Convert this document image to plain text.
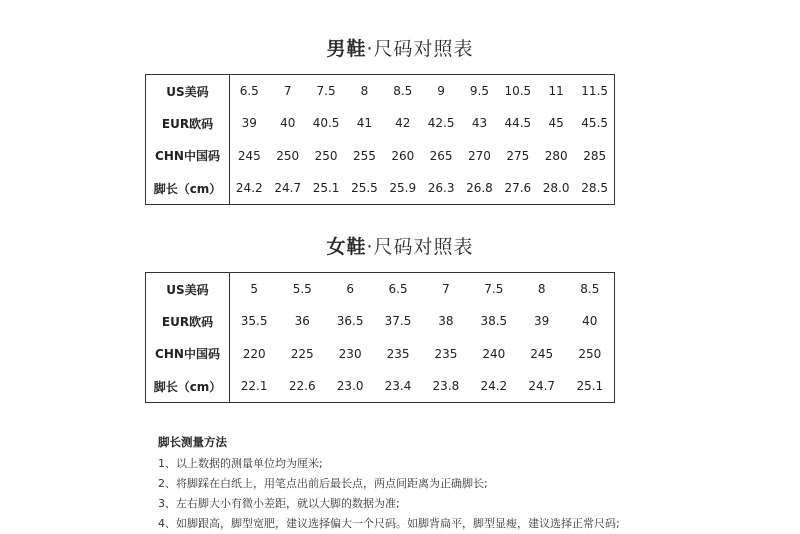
男鞋·尺码对照表
US美码	6.5	7	7.5	8	8.5	9	9.5	10.5	11	11.5
EUR欧码	39	40	40.5	41	42	42.5	43	44.5	45	45.5
CHN中国码	245	250	250	255	260	265	270	275	280	285
脚长（cm）	24.2	24.7	25.1	25.5	25.9	26.3	26.8	27.6	28.0	28.5
女鞋·尺码对照表
US美码	5	5.5	6	6.5	7	7.5	8	8.5
EUR欧码	35.5	36	36.5	37.5	38	38.5	39	40
CHN中国码	220	225	230	235	235	240	245	250
脚长（cm）	22.1	22.6	23.0	23.4	23.8	24.2	24.7	25.1
脚长测量方法
1、以上数据的测量单位均为厘米;
2、将脚踩在白纸上，用笔点出前后最长点，两点间距离为正确脚长;
3、左右脚大小有微小差距，就以大脚的数据为准;
4、如脚跟高，脚型宽肥，建议选择偏大一个尺码。如脚背扁平，脚型显瘦，建议选择正常尺码;
